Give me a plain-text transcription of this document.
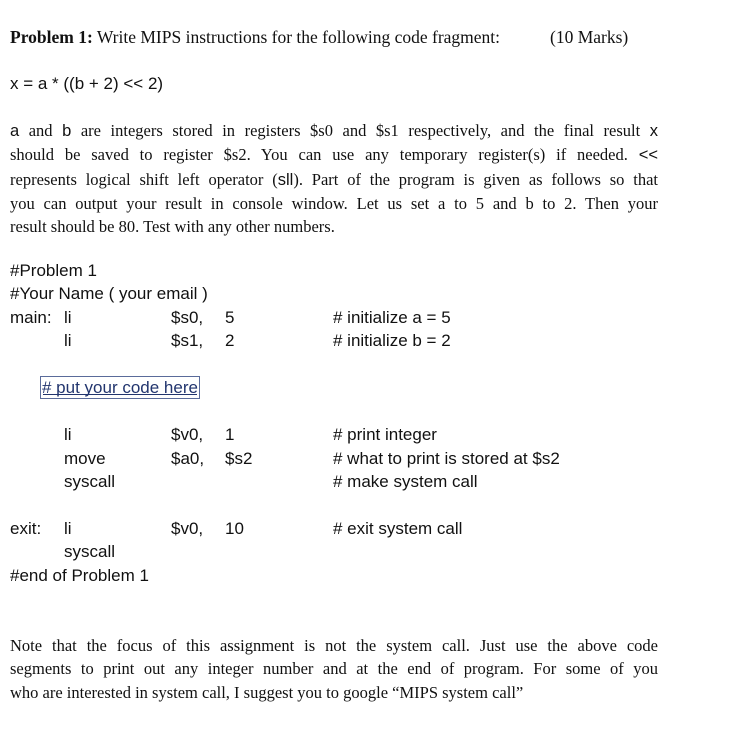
Problem 1: Write MIPS instructions for the following code fragment:	(10 Marks)
x = a * ((b + 2) << 2)
a and b are integers stored in registers $s0 and $s1 respectively, and the final result x
should be saved to register $s2. You can use any temporary register(s) if needed. <<
represents logical shift left operator (sll). Part of the program is given as follows so that
you can output your result in console window. Let us set a to 5 and b to 2. Then your
result should be 80. Test with any other numbers.
#Problem 1
#Your Name ( your email )
main: li	$s0, 5	# initialize a = 5
li	$s1, 2	# initialize b = 2
# put your code here
li	$v0, 1	# print integer
move	$a0, $s2	# what to print is stored at $s2
syscall	# make system call
exit: li	$v0, 10	# exit system call
syscall
#end of Problem 1
Note that the focus of this assignment is not the system call. Just use the above code
segments to print out any integer number and at the end of program. For some of you
who are interested in system call, I suggest you to google “MIPS system call”
